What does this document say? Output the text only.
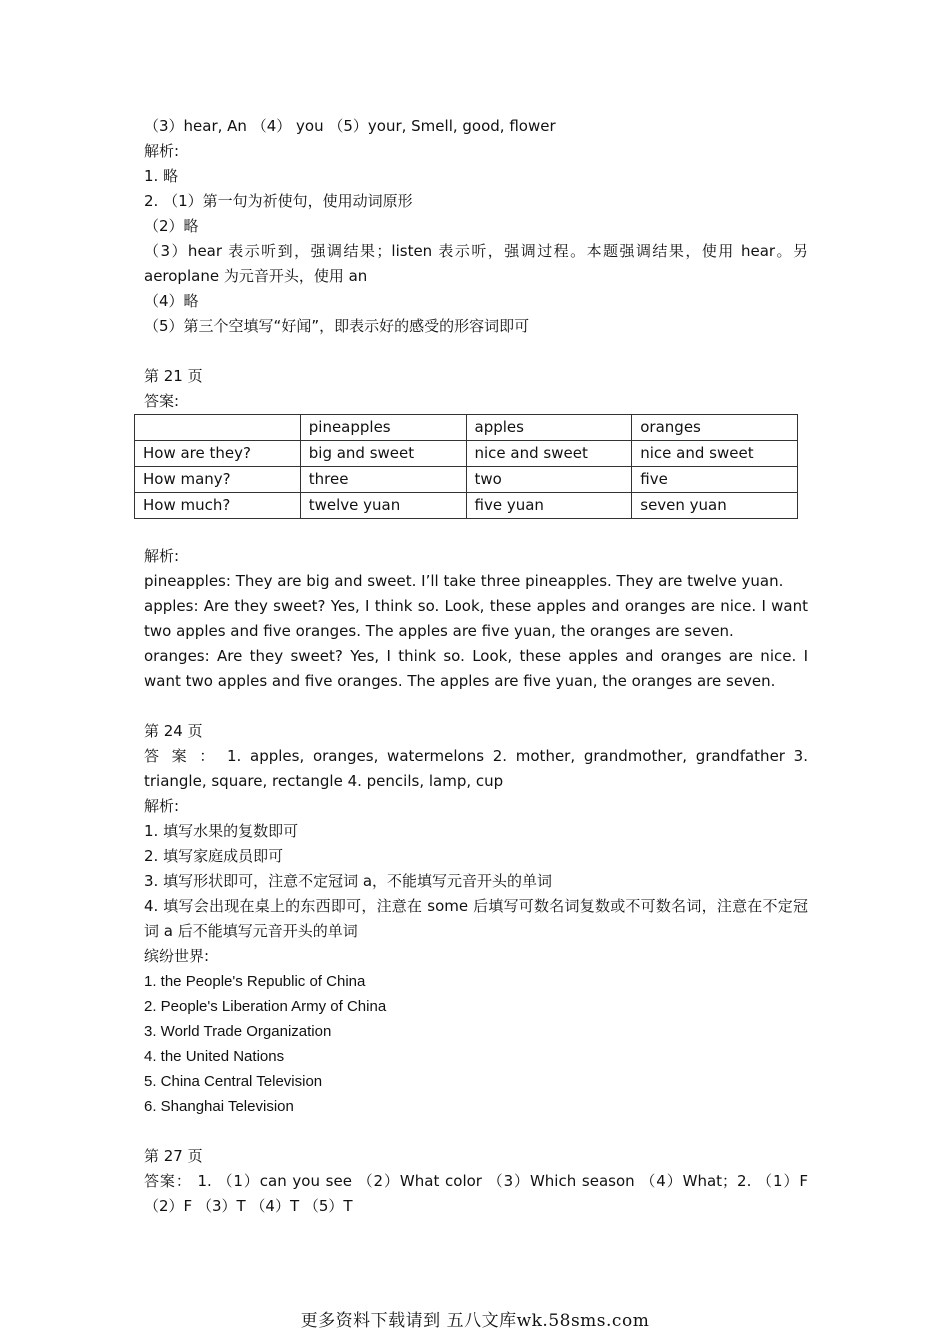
（3）hear, An （4） you （5）your, Smell, good, flower
解析:
1. 略
2. （1）第一句为祈使句，使用动词原形
（2）略
（3）hear 表示听到，强调结果；listen 表示听，强调过程。本题强调结果，使用 hear。另 aeroplane 为元音开头，使用 an
（4）略
（5）第三个空填写“好闻”，即表示好的感受的形容词即可
第 21 页
答案:
	pineapples	apples	oranges
How are they?	big and sweet	nice and sweet	nice and sweet
How many?	three	two	five
How much?	twelve yuan	five yuan	seven yuan
解析:
pineapples: They are big and sweet. I’ll take three pineapples. They are twelve yuan.
apples: Are they sweet? Yes, I think so. Look, these apples and oranges are nice. I want two apples and five oranges. The apples are five yuan, the oranges are seven.
oranges: Are they sweet? Yes, I think so. Look, these apples and oranges are nice. I want two apples and five oranges. The apples are five yuan, the oranges are seven.
第 24 页
答 案 ： 1. apples, oranges, watermelons 2. mother, grandmother, grandfather 3. triangle, square, rectangle 4. pencils, lamp, cup
解析:
1. 填写水果的复数即可
2. 填写家庭成员即可
3. 填写形状即可，注意不定冠词 a，不能填写元音开头的单词
4. 填写会出现在桌上的东西即可，注意在 some 后填写可数名词复数或不可数名词，注意在不定冠词 a 后不能填写元音开头的单词
缤纷世界:
1. the People's Republic of China
2. People's Liberation Army of China
3. World Trade Organization
4. the United Nations
5. China Central Television
6. Shanghai Television
第 27 页
答案： 1. （1）can you see （2）What color （3）Which season （4）What；2. （1）F （2）F （3）T （4）T （5）T
更多资料下载请到 五八文库wk.58sms.com
